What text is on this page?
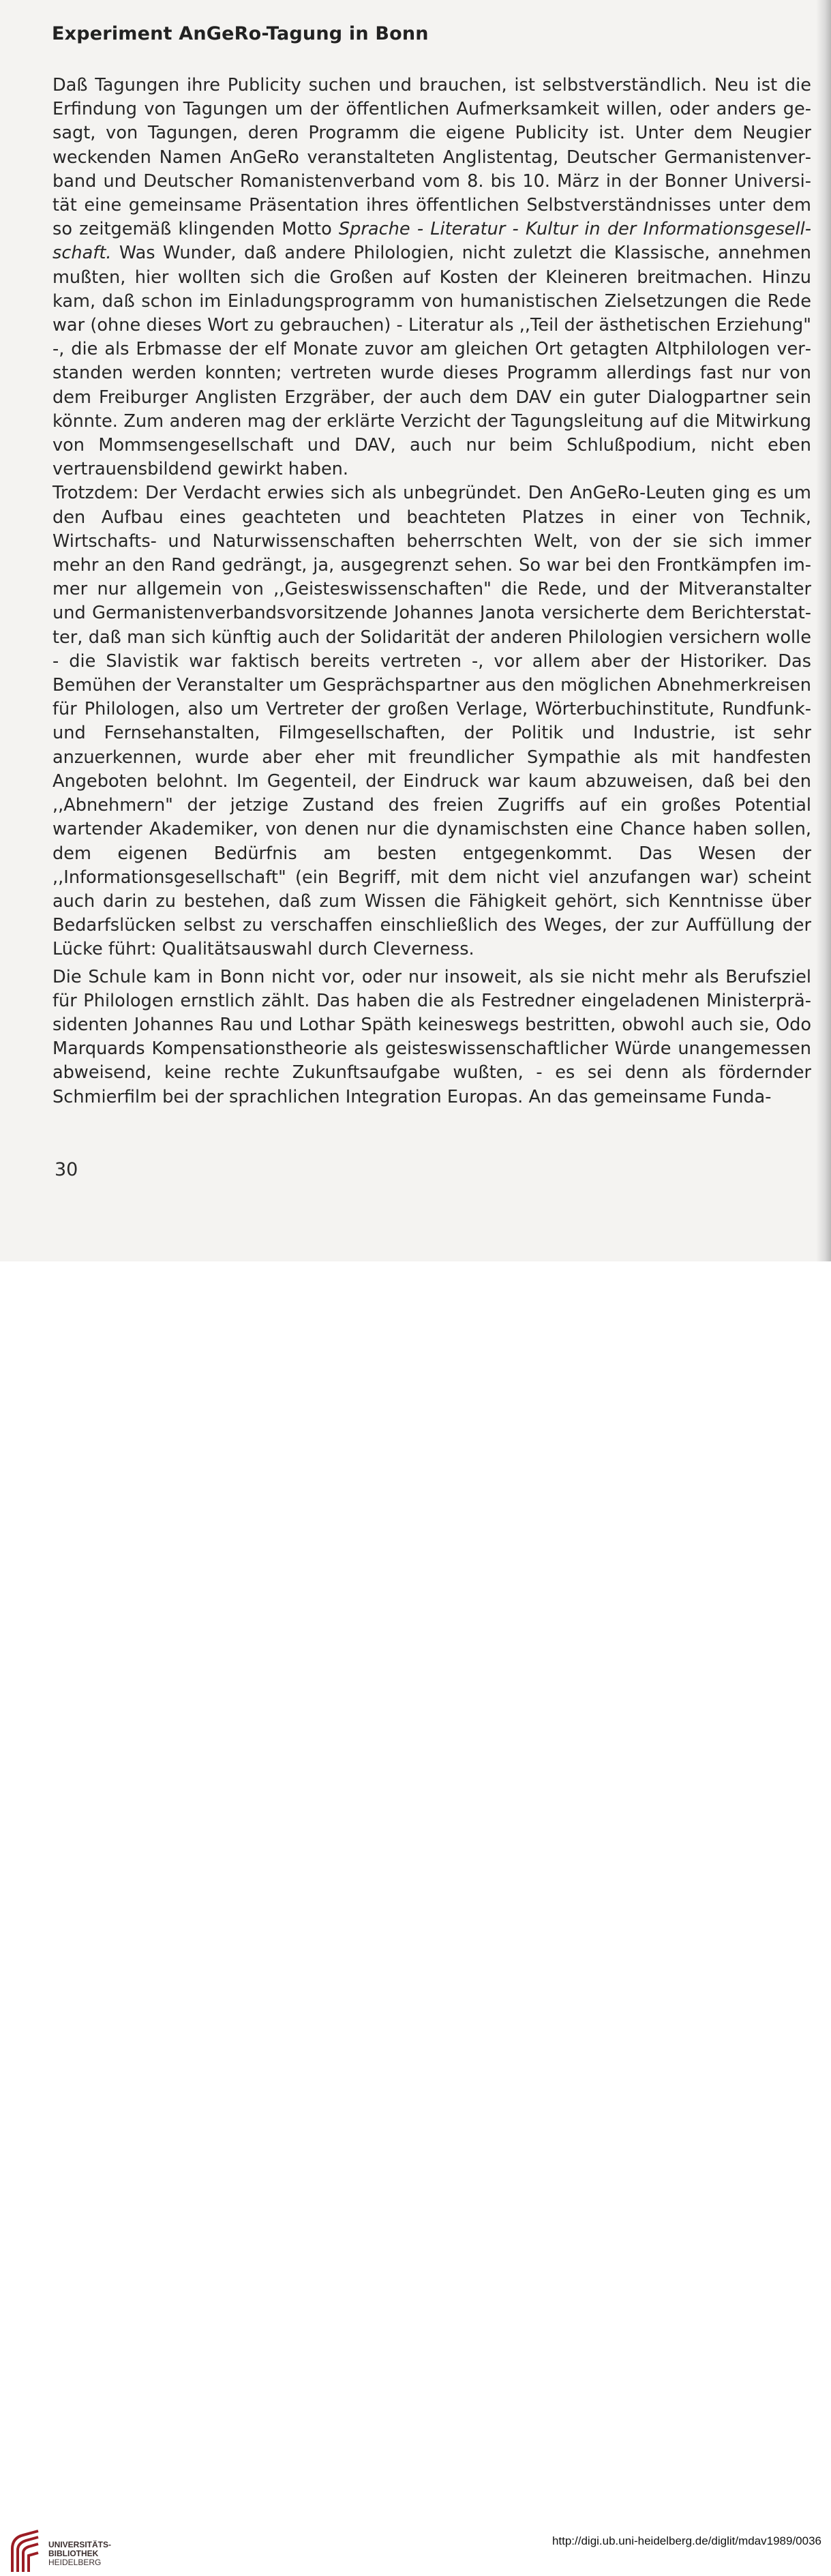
Experiment AnGeRo-Tagung in Bonn

Daß Tagungen ihre Publicity suchen und brauchen, ist selbstverständlich. Neu ist die Erfindung von Tagungen um der öffentlichen Aufmerksamkeit willen, oder anders gesagt, von Tagungen, deren Programm die eigene Publicity ist. Unter dem Neugier weckenden Namen AnGeRo veranstalteten Anglistentag, Deutscher Germanistenverband und Deutscher Romanistenverband vom 8. bis 10. März in der Bonner Universität eine gemeinsame Präsentation ihres öffentlichen Selbstverständnisses unter dem so zeitgemäß klingenden Motto Sprache - Literatur - Kultur in der Informationsgesellschaft. Was Wunder, daß andere Philologien, nicht zuletzt die Klassische, annehmen mußten, hier wollten sich die Großen auf Kosten der Kleineren breitmachen. Hinzu kam, daß schon im Einladungsprogramm von humanistischen Zielsetzungen die Rede war (ohne dieses Wort zu gebrauchen) - Literatur als ,,Teil der ästhetischen Erziehung" -, die als Erbmasse der elf Monate zuvor am gleichen Ort getagten Altphilologen verstanden werden konnten; vertreten wurde dieses Programm allerdings fast nur von dem Freiburger Anglisten Erzgräber, der auch dem DAV ein guter Dialogpartner sein könnte. Zum anderen mag der erklärte Verzicht der Tagungsleitung auf die Mitwirkung von Mommsengesellschaft und DAV, auch nur beim Schlußpodium, nicht eben vertrauensbildend gewirkt haben.

Trotzdem: Der Verdacht erwies sich als unbegründet. Den AnGeRo-Leuten ging es um den Aufbau eines geachteten und beachteten Platzes in einer von Technik, Wirtschafts- und Naturwissenschaften beherrschten Welt, von der sie sich immer mehr an den Rand gedrängt, ja, ausgegrenzt sehen. So war bei den Frontkämpfen immer nur allgemein von ,,Geisteswissenschaften" die Rede, und der Mitveranstalter und Germanistenverbandsvorsitzende Johannes Janota versicherte dem Berichterstatter, daß man sich künftig auch der Solidarität der anderen Philologien versichern wolle - die Slavistik war faktisch bereits vertreten -, vor allem aber der Historiker. Das Bemühen der Veranstalter um Gesprächspartner aus den möglichen Abnehmerkreisen für Philologen, also um Vertreter der großen Verlage, Wörterbuchinstitute, Rundfunk-und Fernsehanstalten, Filmgesellschaften, der Politik und Industrie, ist sehr anzuerkennen, wurde aber eher mit freundlicher Sympathie als mit handfesten Angeboten belohnt. Im Gegenteil, der Eindruck war kaum abzuweisen, daß bei den ,,Abnehmern" der jetzige Zustand des freien Zugriffs auf ein großes Potential wartender Akademiker, von denen nur die dynamischsten eine Chance haben sollen, dem eigenen Bedürfnis am besten entgegenkommt. Das Wesen der ,,Informationsgesellschaft" (ein Begriff, mit dem nicht viel anzufangen war) scheint auch darin zu bestehen, daß zum Wissen die Fähigkeit gehört, sich Kenntnisse über Bedarfslücken selbst zu verschaffen einschließlich des Weges, der zur Auffüllung der Lücke führt: Qualitätsauswahl durch Cleverness.

Die Schule kam in Bonn nicht vor, oder nur insoweit, als sie nicht mehr als Berufsziel für Philologen ernstlich zählt. Das haben die als Festredner eingeladenen Ministerpräsidenten Johannes Rau und Lothar Späth keineswegs bestritten, obwohl auch sie, Odo Marquards Kompensationstheorie als geisteswissenschaftlicher Würde unangemessen abweisend, keine rechte Zukunftsaufgabe wußten, - es sei denn als fördernder Schmierfilm bei der sprachlichen Integration Europas. An das gemeinsame Funda-

30
UNIVERSITÄTS-
BIBLIOTHEK
HEIDELBERG
http://digi.ub.uni-heidelberg.de/diglit/mdav1989/0036
